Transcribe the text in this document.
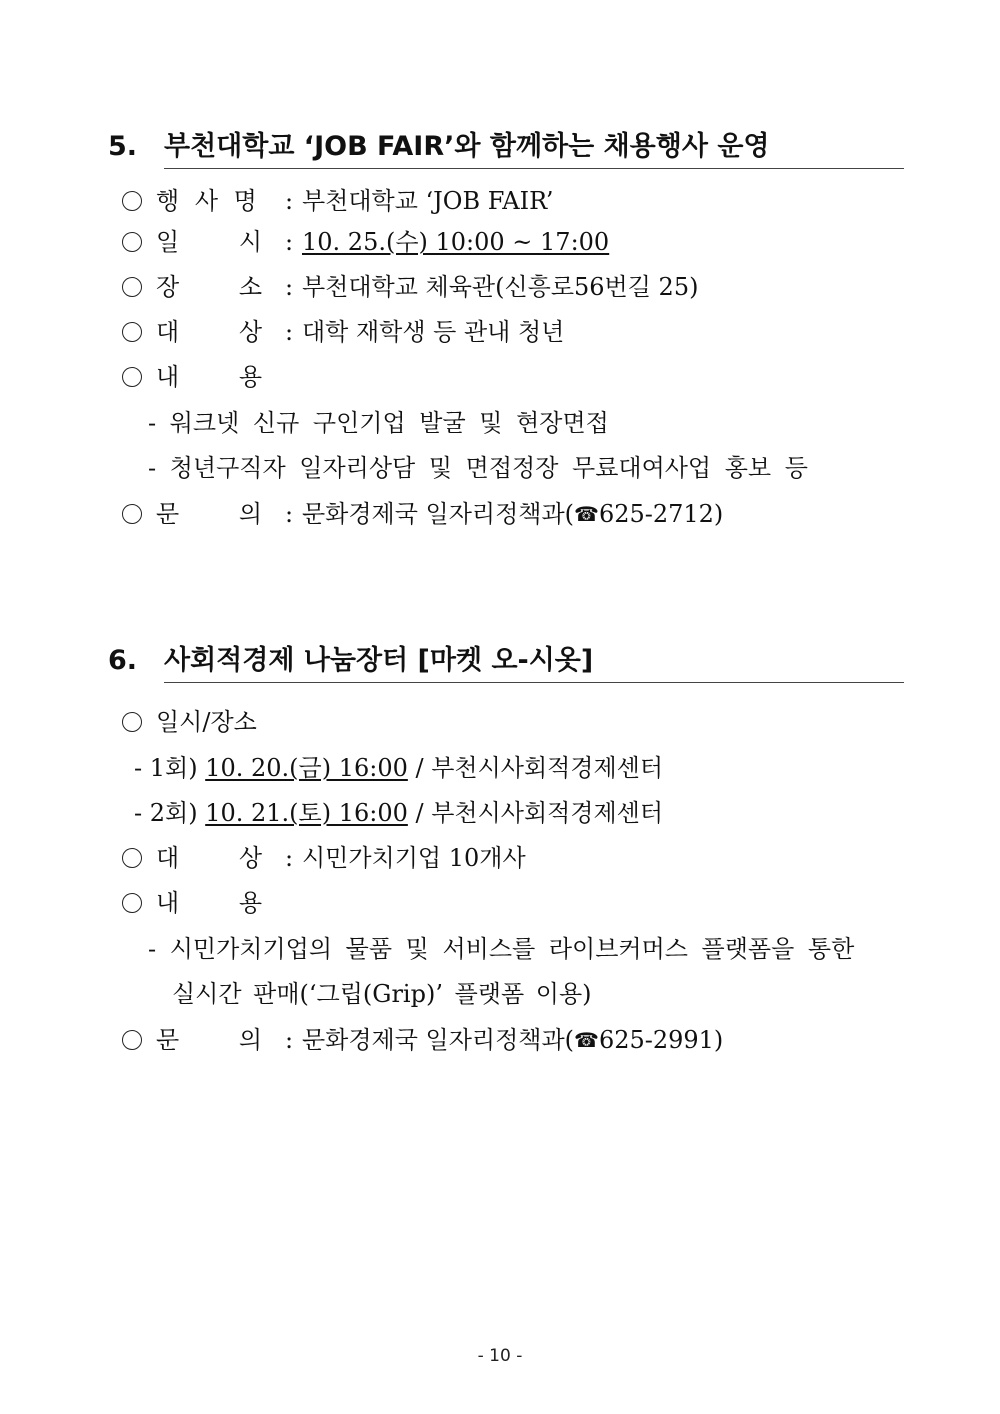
5. 부천대학교 ‘JOB FAIR’와 함께하는 채용행사 운영
행 사 명 : 부천대학교 ‘JOB FAIR’
일 시 : 10. 25.(수) 10:00 ~ 17:00
장 소 : 부천대학교 체육관(신흥로56번길 25)
대 상 : 대학 재학생 등 관내 청년
내 용
- 워크넷 신규 구인기업 발굴 및 현장면접
- 청년구직자 일자리상담 및 면접정장 무료대여사업 홍보 등
문 의 : 문화경제국 일자리정책과(☎625-2712)
6. 사회적경제 나눔장터 [마켓 오-시옷]
일시/장소
- 1회) 10. 20.(금) 16:00 / 부천시사회적경제센터
- 2회) 10. 21.(토) 16:00 / 부천시사회적경제센터
대 상 : 시민가치기업 10개사
내 용
- 시민가치기업의 물품 및 서비스를 라이브커머스 플랫폼을 통한
실시간 판매(‘그립(Grip)’ 플랫폼 이용)
문 의 : 문화경제국 일자리정책과(☎625-2991)
- 10 -
